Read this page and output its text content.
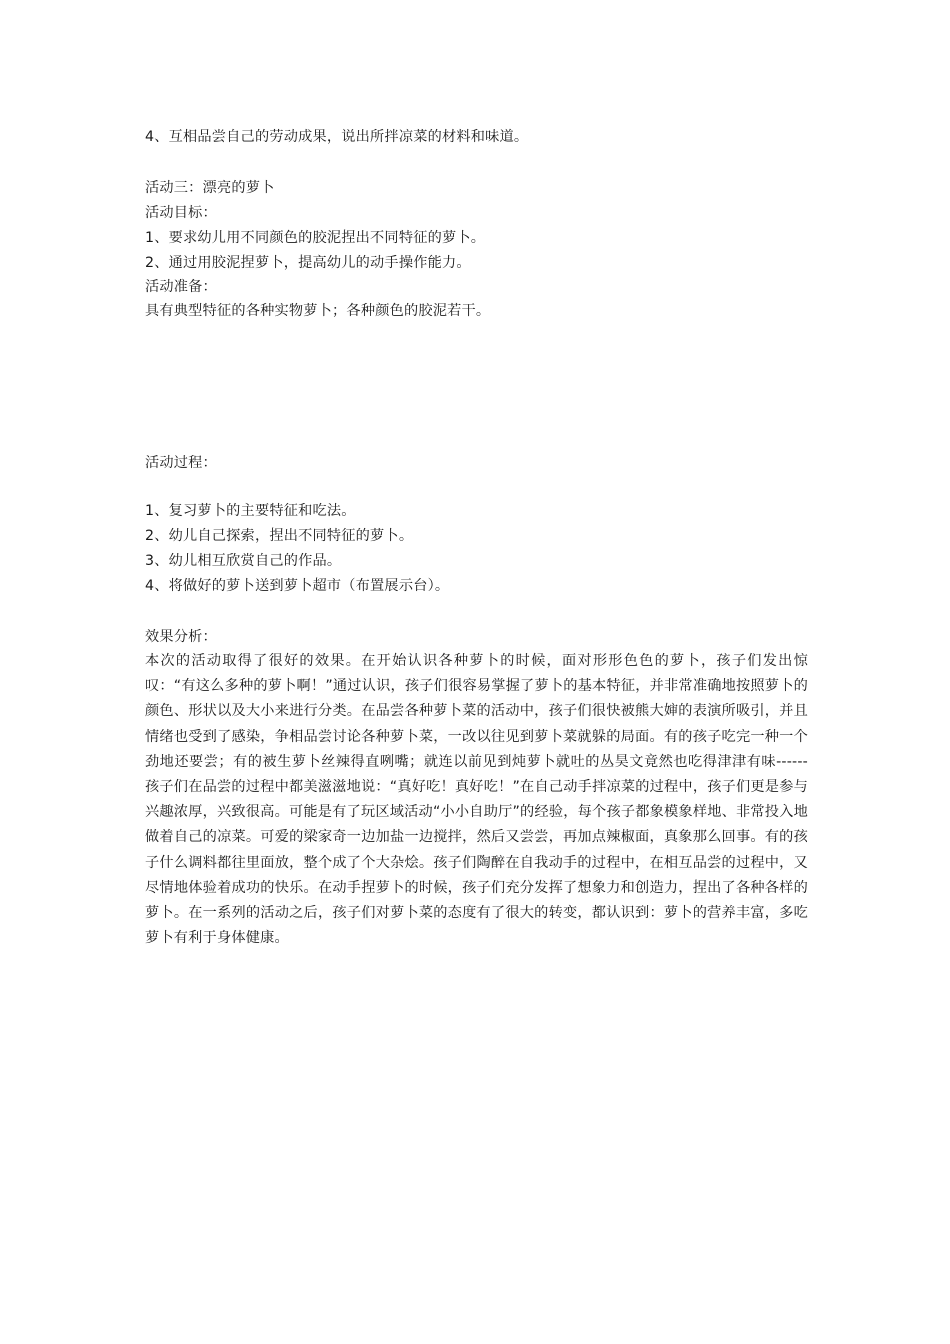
4、互相品尝自己的劳动成果，说出所拌凉菜的材料和味道。
活动三：漂亮的萝卜
活动目标：
1、要求幼儿用不同颜色的胶泥捏出不同特征的萝卜。
2、通过用胶泥捏萝卜，提高幼儿的动手操作能力。
活动准备：
具有典型特征的各种实物萝卜；各种颜色的胶泥若干。
活动过程：
1、复习萝卜的主要特征和吃法。
2、幼儿自己探索，捏出不同特征的萝卜。
3、幼儿相互欣赏自己的作品。
4、将做好的萝卜送到萝卜超市（布置展示台）。
效果分析：
本次的活动取得了很好的效果。在开始认识各种萝卜的时候，面对形形色色的萝卜，孩子们发出惊叹：“有这么多种的萝卜啊！”通过认识，孩子们很容易掌握了萝卜的基本特征，并非常准确地按照萝卜的颜色、形状以及大小来进行分类。在品尝各种萝卜菜的活动中，孩子们很快被熊大婶的表演所吸引，并且情绪也受到了感染，争相品尝讨论各种萝卜菜，一改以往见到萝卜菜就躲的局面。有的孩子吃完一种一个劲地还要尝；有的被生萝卜丝辣得直咧嘴；就连以前见到炖萝卜就吐的丛昊文竟然也吃得津津有味------孩子们在品尝的过程中都美滋滋地说：“真好吃！真好吃！”在自己动手拌凉菜的过程中，孩子们更是参与兴趣浓厚，兴致很高。可能是有了玩区域活动“小小自助厅”的经验，每个孩子都象模象样地、非常投入地做着自己的凉菜。可爱的梁家奇一边加盐一边搅拌，然后又尝尝，再加点辣椒面，真象那么回事。有的孩子什么调料都往里面放，整个成了个大杂烩。孩子们陶醉在自我动手的过程中，在相互品尝的过程中，又尽情地体验着成功的快乐。在动手捏萝卜的时候，孩子们充分发挥了想象力和创造力，捏出了各种各样的萝卜。在一系列的活动之后，孩子们对萝卜菜的态度有了很大的转变，都认识到：萝卜的营养丰富，多吃萝卜有利于身体健康。
